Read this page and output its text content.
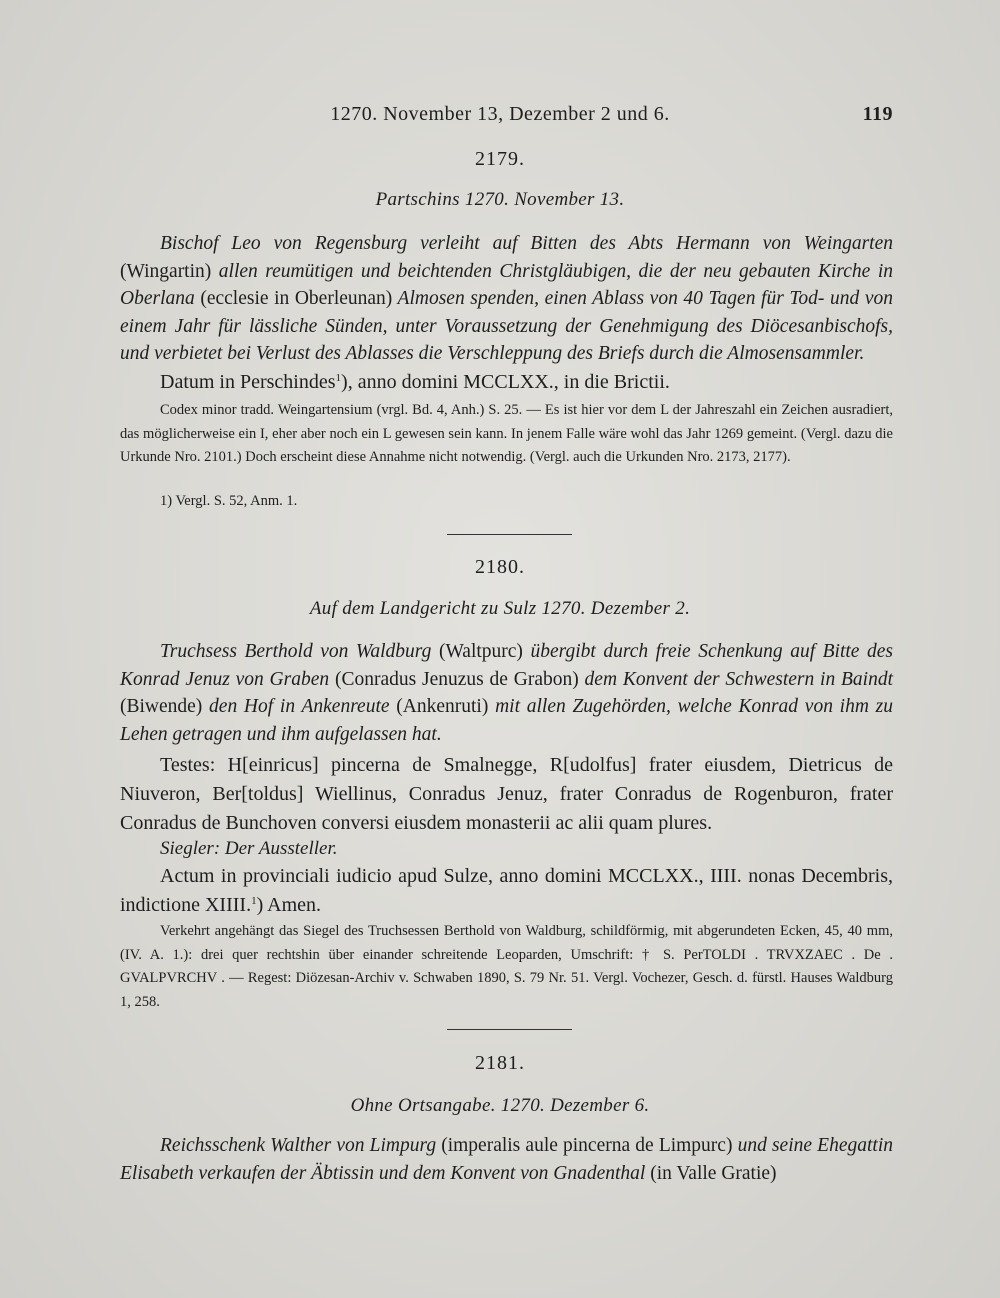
1270. November 13, Dezember 2 und 6.	119
2179.
Partschins 1270. November 13.
Bischof Leo von Regensburg verleiht auf Bitten des Abts Hermann von Weingarten (Wingartin) allen reumütigen und beichtenden Christgläubigen, die der neu gebauten Kirche in Oberlana (ecclesie in Oberleunan) Almosen spenden, einen Ablass von 40 Tagen für Tod- und von einem Jahr für lässliche Sünden, unter Voraussetzung der Genehmigung des Diöcesanbischofs, und verbietet bei Verlust des Ablasses die Verschleppung des Briefs durch die Almosensammler.
Datum in Perschindes$^1$), anno domini MCCLXX., in die Brictii.
Codex minor tradd. Weingartensium (vrgl. Bd. 4, Anh.) S. 25. — Es ist hier vor dem L der Jahreszahl ein Zeichen ausradiert, das möglicherweise ein I, eher aber noch ein L gewesen sein kann. In jenem Falle wäre wohl das Jahr 1269 gemeint. (Vergl. dazu die Urkunde Nro. 2101.) Doch erscheint diese Annahme nicht notwendig. (Vergl. auch die Urkunden Nro. 2173, 2177).
1) Vergl. S. 52, Anm. 1.
2180.
Auf dem Landgericht zu Sulz 1270. Dezember 2.
Truchsess Berthold von Waldburg (Waltpurc) übergibt durch freie Schenkung auf Bitte des Konrad Jenuz von Graben (Conradus Jenuzus de Grabon) dem Konvent der Schwestern in Baindt (Biwende) den Hof in Ankenreute (Ankenruti) mit allen Zugehörden, welche Konrad von ihm zu Lehen getragen und ihm aufgelassen hat.
Testes: H[einricus] pincerna de Smalnegge, R[udolfus] frater eiusdem, Dietricus de Niuveron, Ber[toldus] Wiellinus, Conradus Jenuz, frater Conradus de Rogenburon, frater Conradus de Bunchoven conversi eiusdem monasterii ac alii quam plures.
Siegler: Der Aussteller.
Actum in provinciali iudicio apud Sulze, anno domini MCCLXX., IIII. nonas Decembris, indictione XIIII.$^1$) Amen.
Verkehrt angehängt das Siegel des Truchsessen Berthold von Waldburg, schildförmig, mit abgerundeten Ecken, 45, 40 mm, (IV. A. 1.): drei quer rechtshin über einander schreitende Leoparden, Umschrift: † S. PerTOLDI . TRVXZAEC . De . GVALPVRCHV . — Regest: Diözesan-Archiv v. Schwaben 1890, S. 79 Nr. 51. Vergl. Vochezer, Gesch. d. fürstl. Hauses Waldburg 1, 258.
2181.
Ohne Ortsangabe. 1270. Dezember 6.
Reichsschenk Walther von Limpurg (imperalis aule pincerna de Limpurc) und seine Ehegattin Elisabeth verkaufen der Äbtissin und dem Konvent von Gnadenthal (in Valle Gratie)
